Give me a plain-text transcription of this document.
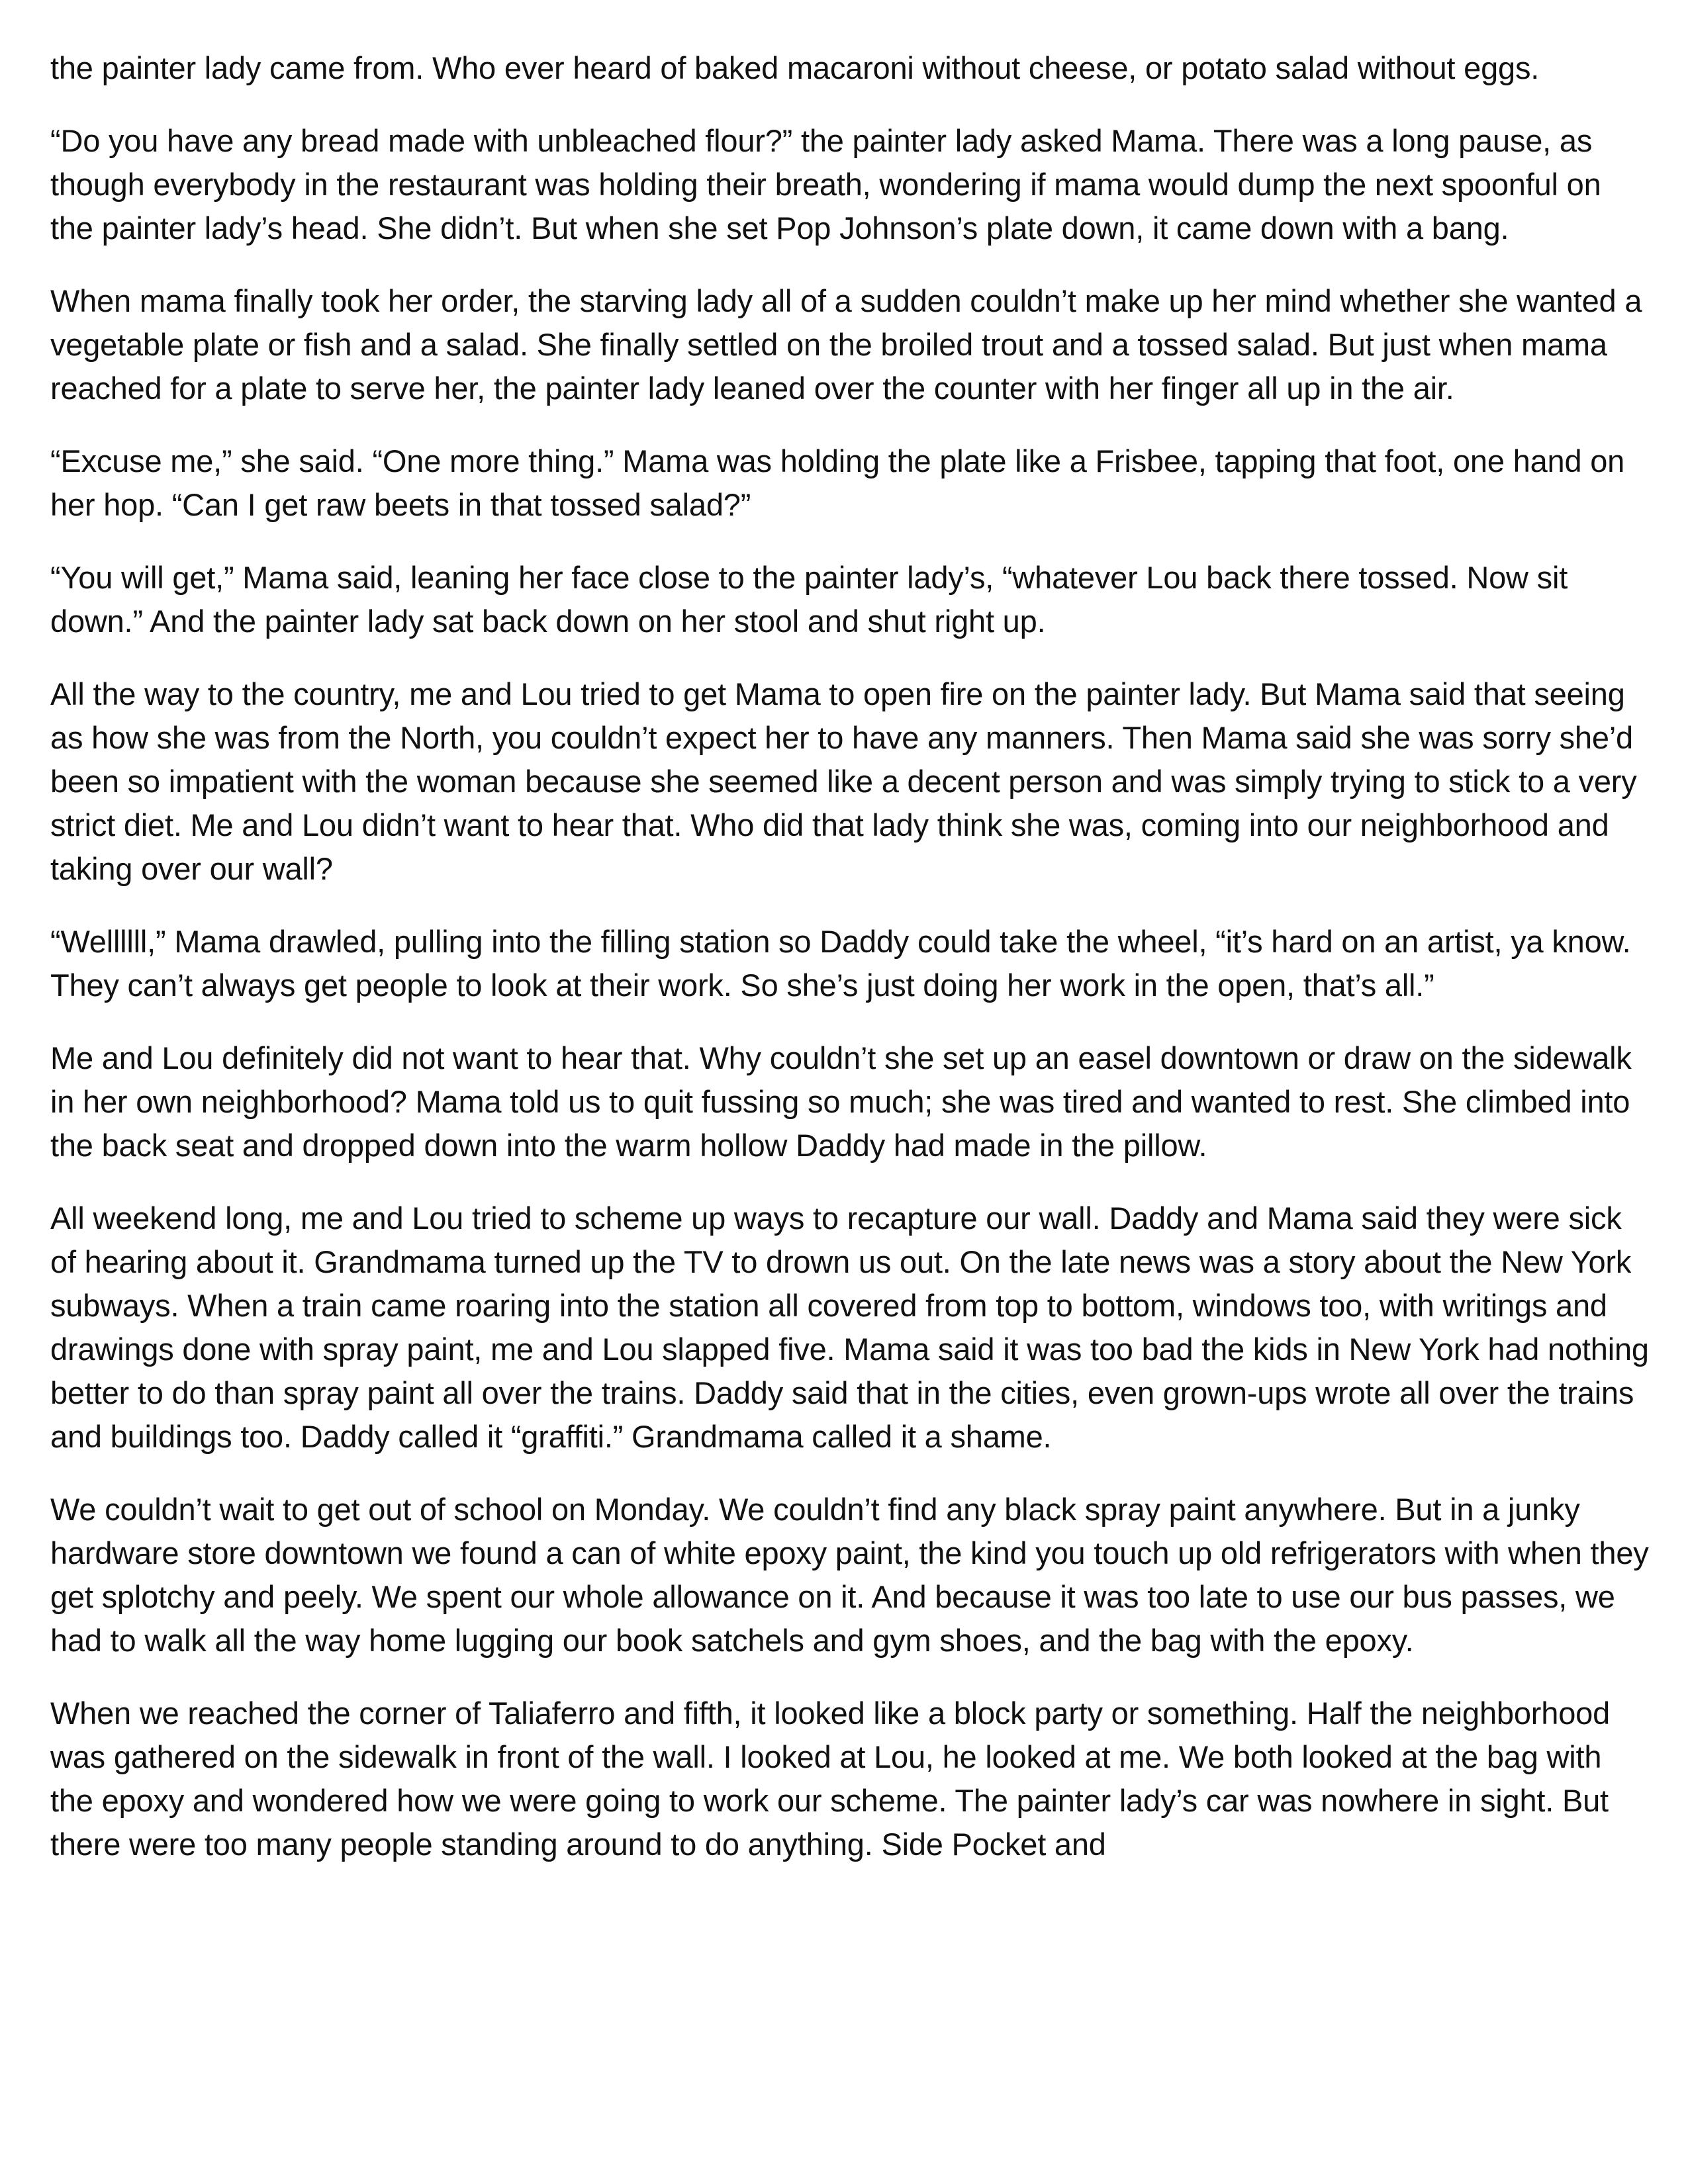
the painter lady came from. Who ever heard of baked macaroni without cheese, or potato salad without eggs.

“Do you have any bread made with unbleached flour?” the painter lady asked Mama. There was a long pause, as though everybody in the restaurant was holding their breath, wondering if mama would dump the next spoonful on the painter lady’s head. She didn’t. But when she set Pop Johnson’s plate down, it came down with a bang.

When mama finally took her order, the starving lady all of a sudden couldn’t make up her mind whether she wanted a vegetable plate or fish and a salad. She finally settled on the broiled trout and a tossed salad. But just when mama reached for a plate to serve her, the painter lady leaned over the counter with her finger all up in the air.

“Excuse me,” she said. “One more thing.” Mama was holding the plate like a Frisbee, tapping that foot, one hand on her hop. “Can I get raw beets in that tossed salad?”

“You will get,” Mama said, leaning her face close to the painter lady’s, “whatever Lou back there tossed. Now sit down.” And the painter lady sat back down on her stool and shut right up.

All the way to the country, me and Lou tried to get Mama to open fire on the painter lady. But Mama said that seeing as how she was from the North, you couldn’t expect her to have any manners. Then Mama said she was sorry she’d been so impatient with the woman because she seemed like a decent person and was simply trying to stick to a very strict diet. Me and Lou didn’t want to hear that. Who did that lady think she was, coming into our neighborhood and taking over our wall?

“Wellllll,” Mama drawled, pulling into the filling station so Daddy could take the wheel, “it’s hard on an artist, ya know. They can’t always get people to look at their work. So she’s just doing her work in the open, that’s all.”

Me and Lou definitely did not want to hear that. Why couldn’t she set up an easel downtown or draw on the sidewalk in her own neighborhood? Mama told us to quit fussing so much; she was tired and wanted to rest. She climbed into the back seat and dropped down into the warm hollow Daddy had made in the pillow.

All weekend long, me and Lou tried to scheme up ways to recapture our wall. Daddy and Mama said they were sick of hearing about it. Grandmama turned up the TV to drown us out. On the late news was a story about the New York subways. When a train came roaring into the station all covered from top to bottom, windows too, with writings and drawings done with spray paint, me and Lou slapped five. Mama said it was too bad the kids in New York had nothing better to do than spray paint all over the trains. Daddy said that in the cities, even grown-ups wrote all over the trains and buildings too. Daddy called it “graffiti.” Grandmama called it a shame.

We couldn’t wait to get out of school on Monday. We couldn’t find any black spray paint anywhere. But in a junky hardware store downtown we found a can of white epoxy paint, the kind you touch up old refrigerators with when they get splotchy and peely. We spent our whole allowance on it. And because it was too late to use our bus passes, we had to walk all the way home lugging our book satchels and gym shoes, and the bag with the epoxy.

When we reached the corner of Taliaferro and fifth, it looked like a block party or something. Half the neighborhood was gathered on the sidewalk in front of the wall. I looked at Lou, he looked at me. We both looked at the bag with the epoxy and wondered how we were going to work our scheme. The painter lady’s car was nowhere in sight. But there were too many people standing around to do anything. Side Pocket and
